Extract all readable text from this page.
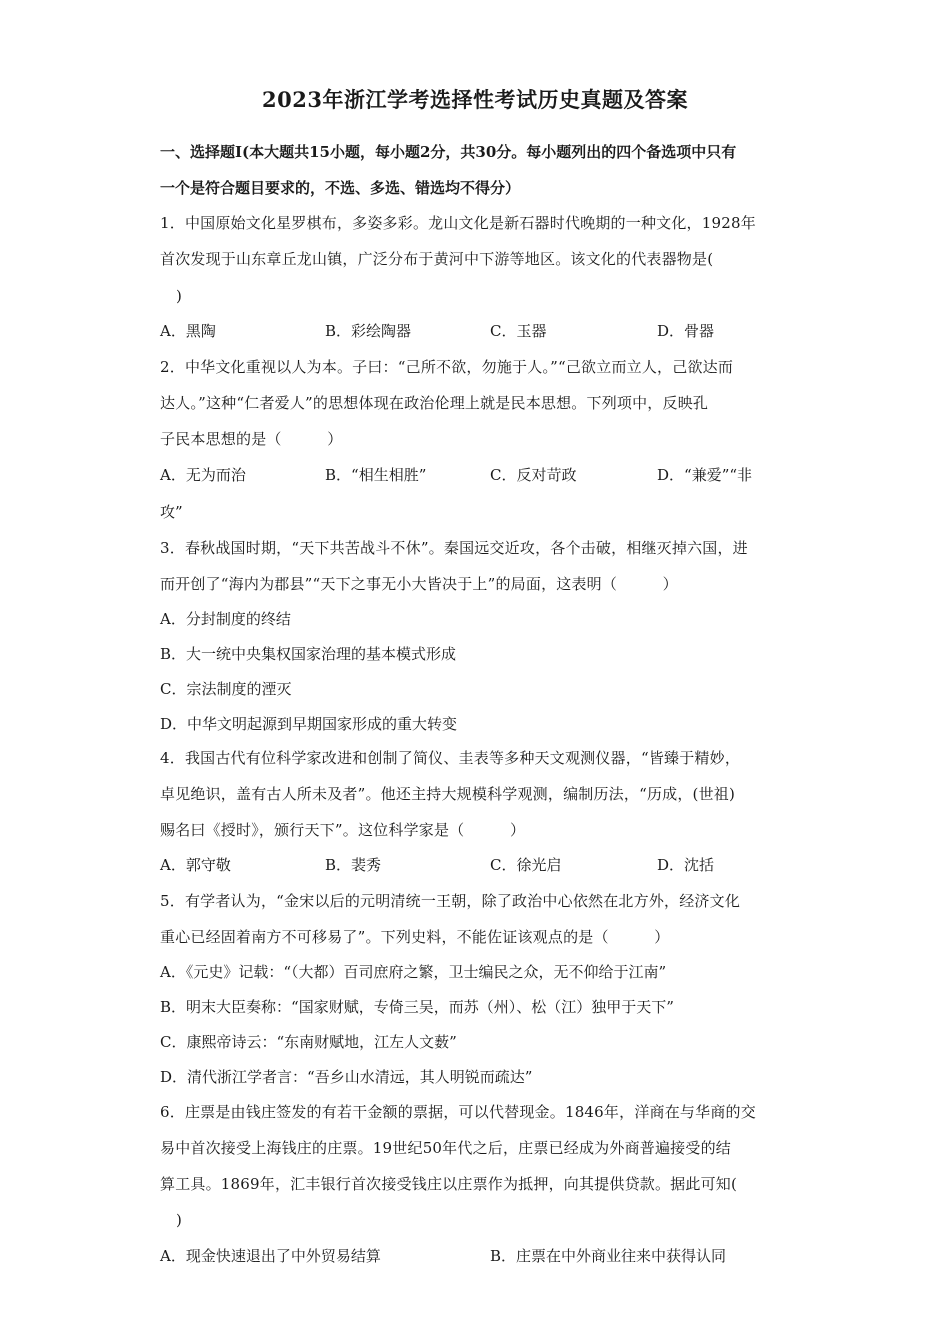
2023年浙江学考选择性考试历史真题及答案
一、选择题Ⅰ(本大题共15小题，每小题2分，共30分。每小题列出的四个备选项中只有
一个是符合题目要求的，不选、多选、错选均不得分）
1．中国原始文化星罗棋布，多姿多彩。龙山文化是新石器时代晚期的一种文化，1928年
首次发现于山东章丘龙山镇，广泛分布于黄河中下游等地区。该文化的代表器物是(
)
A．黑陶	B．彩绘陶器	C．玉器	D．骨器
2．中华文化重视以人为本。子曰：“己所不欲，勿施于人。”“己欲立而立人，己欲达而
达人。”这种“仁者爱人”的思想体现在政治伦理上就是民本思想。下列项中，反映孔
子民本思想的是（　　　）
A．无为而治	B．“相生相胜”	C．反对苛政	D．“兼爱”“非
攻”
3．春秋战国时期，“天下共苦战斗不休”。秦国远交近攻，各个击破，相继灭掉六国，进
而开创了“海内为郡县”“天下之事无小大皆决于上”的局面，这表明（　　　）
A．分封制度的终结
B．大一统中央集权国家治理的基本模式形成
C．宗法制度的湮灭
D．中华文明起源到早期国家形成的重大转变
4．我国古代有位科学家改进和创制了简仪、圭表等多种天文观测仪器，“皆臻于精妙，
卓见绝识，盖有古人所未及者”。他还主持大规模科学观测，编制历法，“历成，(世祖)
赐名曰《授时》，颁行天下”。这位科学家是（　　　）
A．郭守敬	B．裴秀	C．徐光启	D．沈括
5．有学者认为，“金宋以后的元明清统一王朝，除了政治中心依然在北方外，经济文化
重心已经固着南方不可移易了”。下列史料，不能佐证该观点的是（　　　）
A．《元史》记载：“（大都）百司庶府之繁，卫士编民之众，无不仰给于江南”
B．明末大臣奏称：“国家财赋，专倚三吴，而苏（州）、松（江）独甲于天下”
C．康熙帝诗云：“东南财赋地，江左人文薮”
D．清代浙江学者言：“吾乡山水清远，其人明锐而疏达”
6．庄票是由钱庄签发的有若干金额的票据，可以代替现金。1846年，洋商在与华商的交
易中首次接受上海钱庄的庄票。19世纪50年代之后，庄票已经成为外商普遍接受的结
算工具。1869年，汇丰银行首次接受钱庄以庄票作为抵押，向其提供贷款。据此可知(
)
A．现金快速退出了中外贸易结算	B．庄票在中外商业往来中获得认同
